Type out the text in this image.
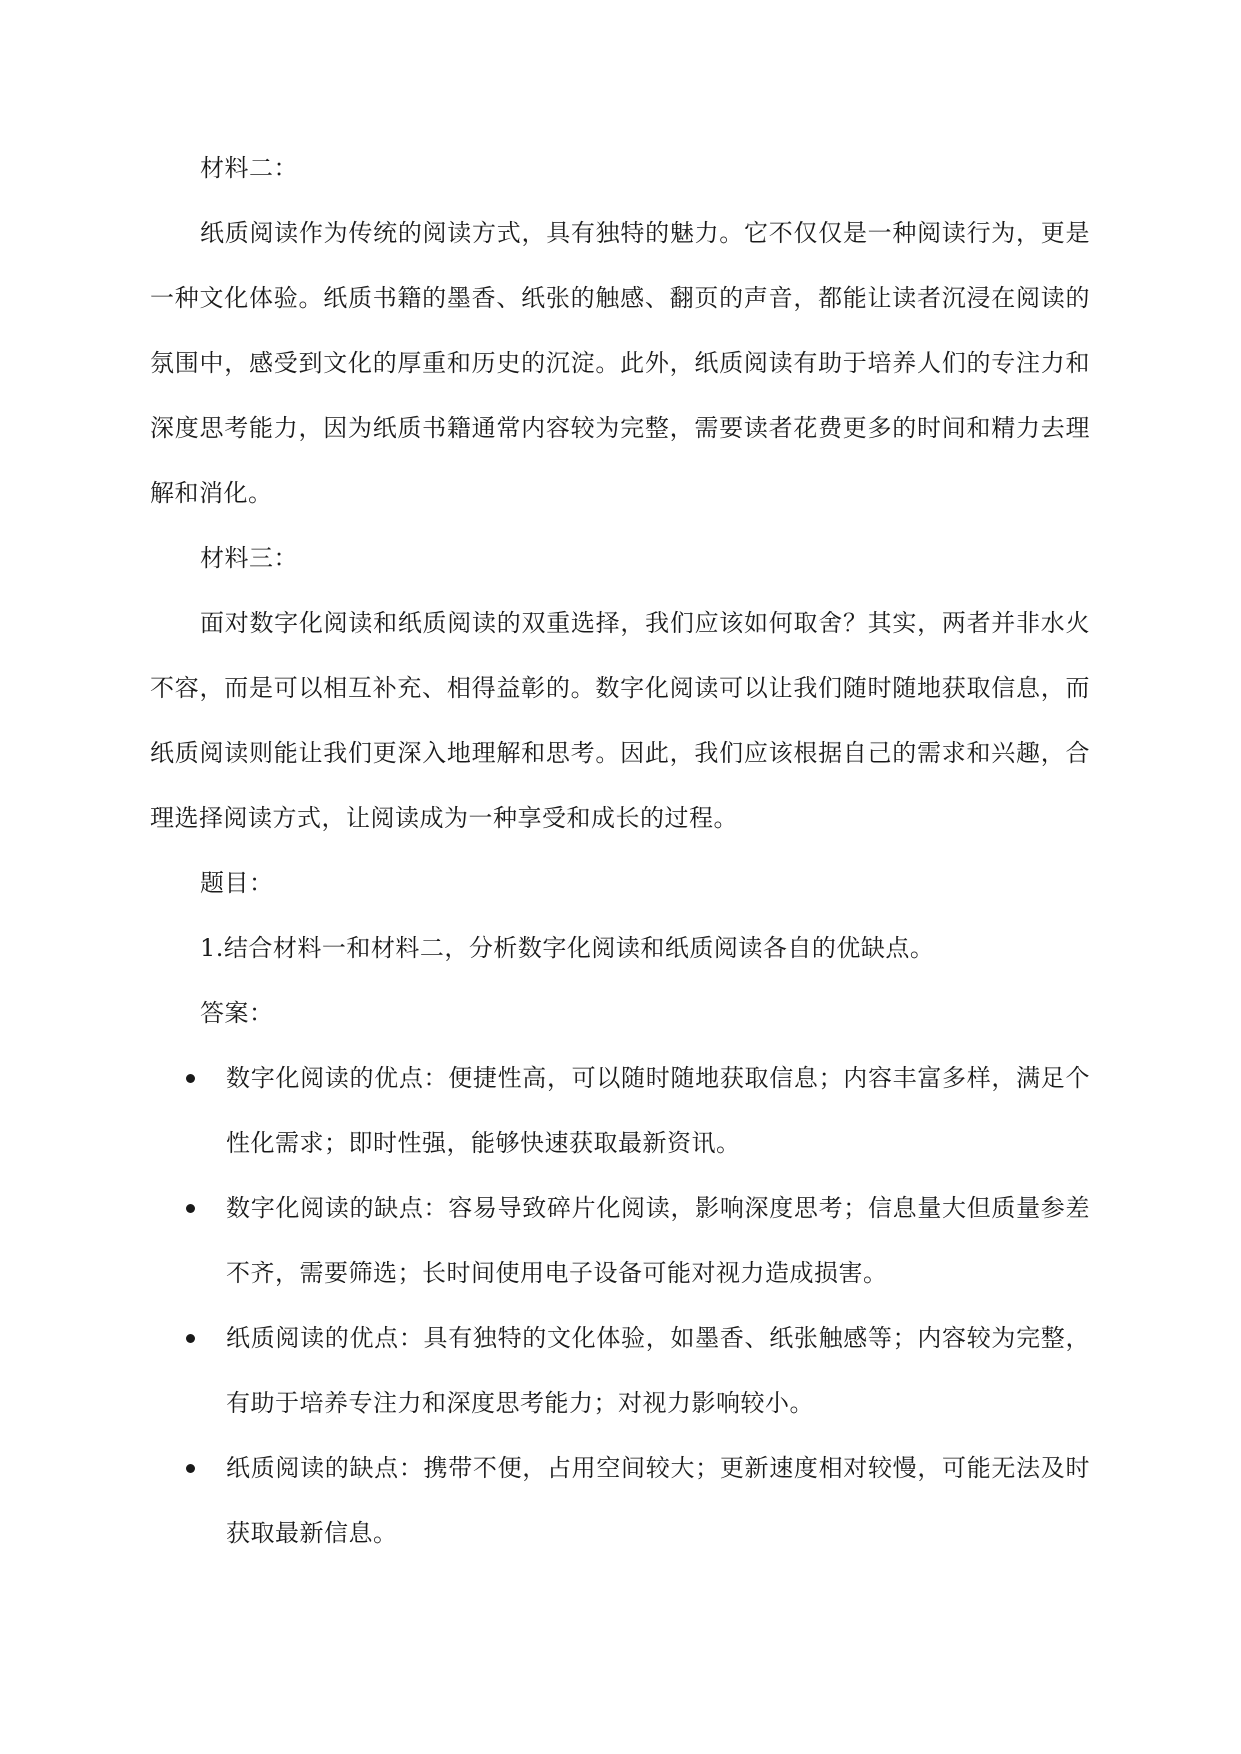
材料二：

纸质阅读作为传统的阅读方式，具有独特的魅力。它不仅仅是一种阅读行为，更是一种文化体验。纸质书籍的墨香、纸张的触感、翻页的声音，都能让读者沉浸在阅读的氛围中，感受到文化的厚重和历史的沉淀。此外，纸质阅读有助于培养人们的专注力和深度思考能力，因为纸质书籍通常内容较为完整，需要读者花费更多的时间和精力去理解和消化。

材料三：

面对数字化阅读和纸质阅读的双重选择，我们应该如何取舍？其实，两者并非水火不容，而是可以相互补充、相得益彰的。数字化阅读可以让我们随时随地获取信息，而纸质阅读则能让我们更深入地理解和思考。因此，我们应该根据自己的需求和兴趣，合理选择阅读方式，让阅读成为一种享受和成长的过程。

题目：

1.结合材料一和材料二，分析数字化阅读和纸质阅读各自的优缺点。

答案：

数字化阅读的优点：便捷性高，可以随时随地获取信息；内容丰富多样，满足个性化需求；即时性强，能够快速获取最新资讯。
数字化阅读的缺点：容易导致碎片化阅读，影响深度思考；信息量大但质量参差不齐，需要筛选；长时间使用电子设备可能对视力造成损害。
纸质阅读的优点：具有独特的文化体验，如墨香、纸张触感等；内容较为完整，有助于培养专注力和深度思考能力；对视力影响较小。
纸质阅读的缺点：携带不便，占用空间较大；更新速度相对较慢，可能无法及时获取最新信息。
